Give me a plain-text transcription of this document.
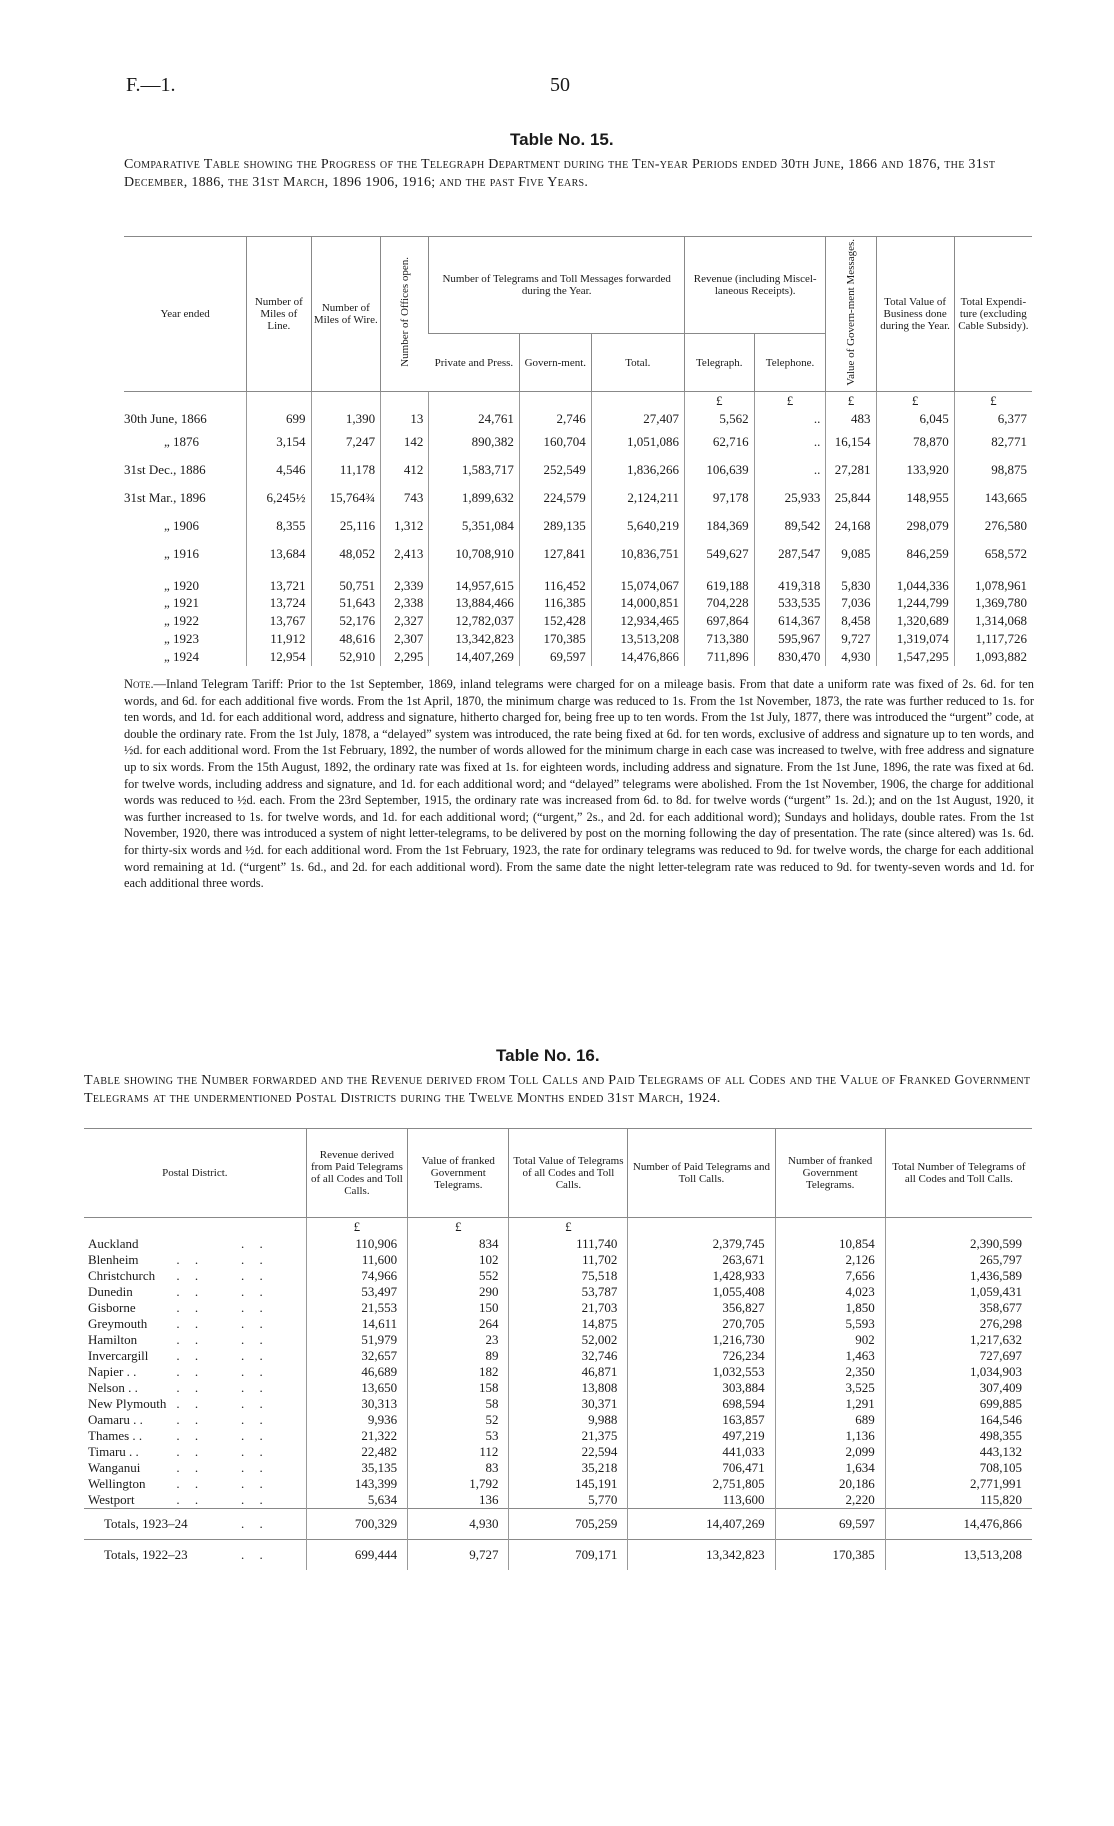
F.—1.	50
Table No. 15.
Comparative Table showing the Progress of the Telegraph Department during the Ten-year Periods ended 30th June, 1866 and 1876, the 31st December, 1886, the 31st March, 1896 1906, 1916; and the past Five Years.
Year ended	Number of Miles of Line.	Number of Miles of Wire.	Number of Offices open.	Number of Telegrams and Toll Messages forwarded during the Year.			Revenue (including Miscel-laneous Receipts).		Value of Govern-ment Messages.	Total Value of Business done during the Year.	Total Expendi-ture (excluding Cable Subsidy).
				Private and Press.	Govern-ment.	Total.	Telegraph.	Telephone.			
							£	£	£	£	£
30th June, 1866	699	1,390	13	24,761	2,746	27,407	5,562	..	483	6,045	6,377
„ 1876	3,154	7,247	142	890,382	160,704	1,051,086	62,716	..	16,154	78,870	82,771
31st Dec., 1886	4,546	11,178	412	1,583,717	252,549	1,836,266	106,639	..	27,281	133,920	98,875
31st Mar., 1896	6,245½	15,764¾	743	1,899,632	224,579	2,124,211	97,178	25,933	25,844	148,955	143,665
„ 1906	8,355	25,116	1,312	5,351,084	289,135	5,640,219	184,369	89,542	24,168	298,079	276,580
„ 1916	13,684	48,052	2,413	10,708,910	127,841	10,836,751	549,627	287,547	9,085	846,259	658,572
„ 1920	13,721	50,751	2,339	14,957,615	116,452	15,074,067	619,188	419,318	5,830	1,044,336	1,078,961
„ 1921	13,724	51,643	2,338	13,884,466	116,385	14,000,851	704,228	533,535	7,036	1,244,799	1,369,780
„ 1922	13,767	52,176	2,327	12,782,037	152,428	12,934,465	697,864	614,367	8,458	1,320,689	1,314,068
„ 1923	11,912	48,616	2,307	13,342,823	170,385	13,513,208	713,380	595,967	9,727	1,319,074	1,117,726
„ 1924	12,954	52,910	2,295	14,407,269	69,597	14,476,866	711,896	830,470	4,930	1,547,295	1,093,882
Note.—Inland Telegram Tariff: Prior to the 1st September, 1869, inland telegrams were charged for on a mileage basis. From that date a uniform rate was fixed of 2s. 6d. for ten words, and 6d. for each additional five words. From the 1st April, 1870, the minimum charge was reduced to 1s. From the 1st November, 1873, the rate was further reduced to 1s. for ten words, and 1d. for each additional word, address and signature, hitherto charged for, being free up to ten words. From the 1st July, 1877, there was introduced the “urgent” code, at double the ordinary rate. From the 1st July, 1878, a “delayed” system was introduced, the rate being fixed at 6d. for ten words, exclusive of address and signature up to ten words, and ½d. for each additional word. From the 1st February, 1892, the number of words allowed for the minimum charge in each case was increased to twelve, with free address and signature up to six words. From the 15th August, 1892, the ordinary rate was fixed at 1s. for eighteen words, including address and signature. From the 1st June, 1896, the rate was fixed at 6d. for twelve words, including address and signature, and 1d. for each additional word; and “delayed” telegrams were abolished. From the 1st November, 1906, the charge for additional words was reduced to ½d. each. From the 23rd September, 1915, the ordinary rate was increased from 6d. to 8d. for twelve words (“urgent” 1s. 2d.); and on the 1st August, 1920, it was further increased to 1s. for twelve words, and 1d. for each additional word; (“urgent,” 2s., and 2d. for each additional word); Sundays and holidays, double rates. From the 1st November, 1920, there was introduced a system of night letter-telegrams, to be delivered by post on the morning following the day of presentation. The rate (since altered) was 1s. 6d. for thirty-six words and ½d. for each additional word. From the 1st February, 1923, the rate for ordinary telegrams was reduced to 9d. for twelve words, the charge for each additional word remaining at 1d. (“urgent” 1s. 6d., and 2d. for each additional word). From the same date the night letter-telegram rate was reduced to 9d. for twenty-seven words and 1d. for each additional three words.
Table No. 16.
Table showing the Number forwarded and the Revenue derived from Toll Calls and Paid Telegrams of all Codes and the Value of Franked Government Telegrams at the undermentioned Postal Districts during the Twelve Months ended 31st March, 1924.
Postal District.			Revenue derived from Paid Telegrams of all Codes and Toll Calls.	Value of franked Government Telegrams.	Total Value of Telegrams of all Codes and Toll Calls.	Number of Paid Telegrams and Toll Calls.	Number of franked Government Telegrams.	Total Number of Telegrams of all Codes and Toll Calls.
			£	£	£			
Auckland		. .	110,906	834	111,740	2,379,745	10,854	2,390,599
Blenheim	. .	. .	11,600	102	11,702	263,671	2,126	265,797
Christchurch	. .	. .	74,966	552	75,518	1,428,933	7,656	1,436,589
Dunedin	. .	. .	53,497	290	53,787	1,055,408	4,023	1,059,431
Gisborne	. .	. .	21,553	150	21,703	356,827	1,850	358,677
Greymouth	. .	. .	14,611	264	14,875	270,705	5,593	276,298
Hamilton	. .	. .	51,979	23	52,002	1,216,730	902	1,217,632
Invercargill	. .	. .	32,657	89	32,746	726,234	1,463	727,697
Napier . .	. .	. .	46,689	182	46,871	1,032,553	2,350	1,034,903
Nelson . .	. .	. .	13,650	158	13,808	303,884	3,525	307,409
New Plymouth	. .	. .	30,313	58	30,371	698,594	1,291	699,885
Oamaru . .	. .	. .	9,936	52	9,988	163,857	689	164,546
Thames . .	. .	. .	21,322	53	21,375	497,219	1,136	498,355
Timaru . .	. .	. .	22,482	112	22,594	441,033	2,099	443,132
Wanganui	. .	. .	35,135	83	35,218	706,471	1,634	708,105
Wellington	. .	. .	143,399	1,792	145,191	2,751,805	20,186	2,771,991
Westport	. .	. .	5,634	136	5,770	113,600	2,220	115,820
Totals, 1923–24		. .	700,329	4,930	705,259	14,407,269	69,597	14,476,866
Totals, 1922–23		. .	699,444	9,727	709,171	13,342,823	170,385	13,513,208
